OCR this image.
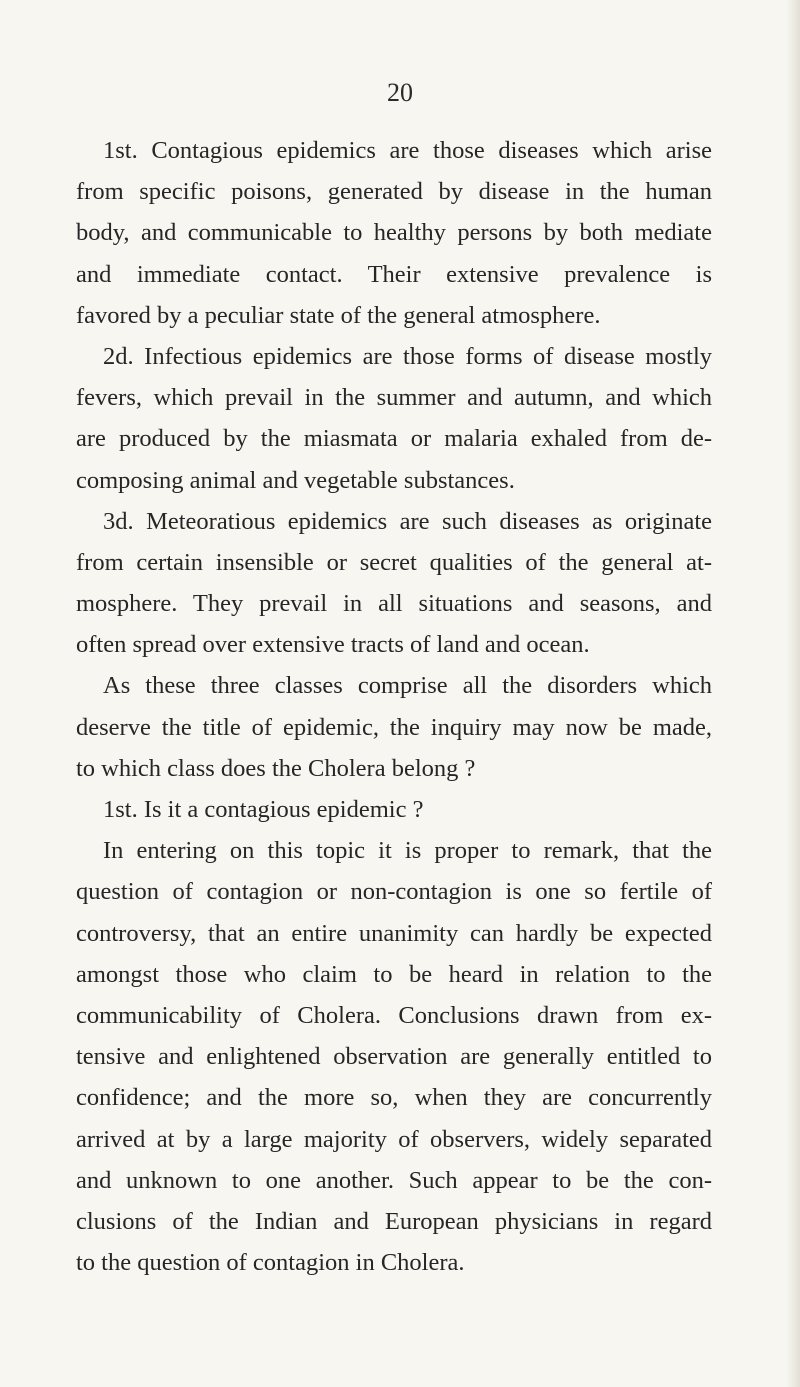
20
1st. Contagious epidemics are those diseases which arise
from specific poisons, generated by disease in the human
body, and communicable to healthy persons by both mediate
and immediate contact. Their extensive prevalence is
favored by a peculiar state of the general atmosphere.
2d. Infectious epidemics are those forms of disease mostly
fevers, which prevail in the summer and autumn, and which
are produced by the miasmata or malaria exhaled from de-
composing animal and vegetable substances.
3d. Meteoratious epidemics are such diseases as originate
from certain insensible or secret qualities of the general at-
mosphere. They prevail in all situations and seasons, and
often spread over extensive tracts of land and ocean.
As these three classes comprise all the disorders which
deserve the title of epidemic, the inquiry may now be made,
to which class does the Cholera belong ?
1st. Is it a contagious epidemic ?
In entering on this topic it is proper to remark, that the
question of contagion or non-contagion is one so fertile of
controversy, that an entire unanimity can hardly be expected
amongst those who claim to be heard in relation to the
communicability of Cholera. Conclusions drawn from ex-
tensive and enlightened observation are generally entitled to
confidence; and the more so, when they are concurrently
arrived at by a large majority of observers, widely separated
and unknown to one another. Such appear to be the con-
clusions of the Indian and European physicians in regard
to the question of contagion in Cholera.
